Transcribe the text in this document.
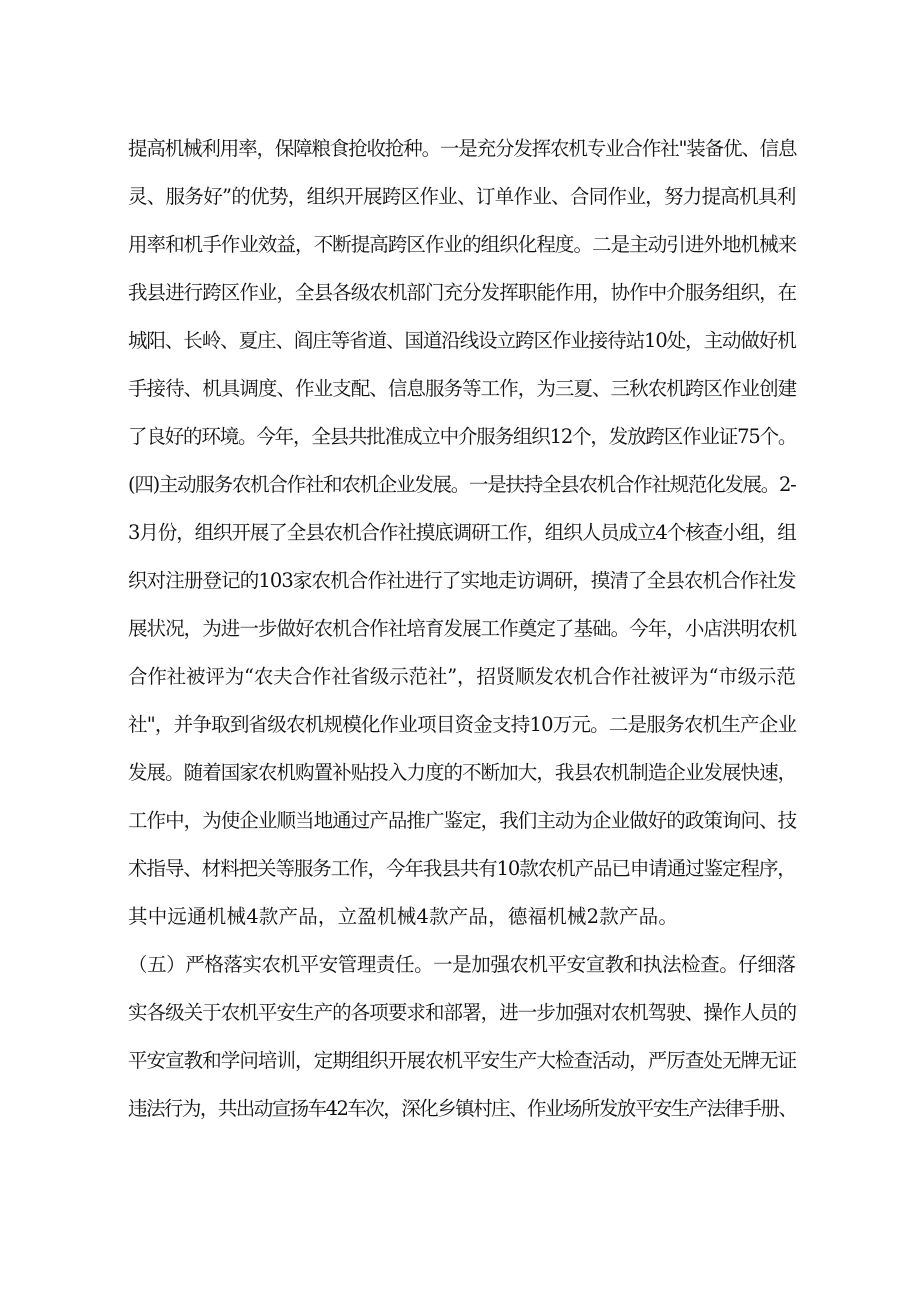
提高机械利用率，保障粮食抢收抢种。一是充分发挥农机专业合作社"装备优、信息
灵、服务好”的优势，组织开展跨区作业、订单作业、合同作业，努力提高机具利
用率和机手作业效益，不断提高跨区作业的组织化程度。二是主动引进外地机械来
我县进行跨区作业，全县各级农机部门充分发挥职能作用，协作中介服务组织，在
城阳、长岭、夏庄、阎庄等省道、国道沿线设立跨区作业接待站10处，主动做好机
手接待、机具调度、作业支配、信息服务等工作，为三夏、三秋农机跨区作业创建
了良好的环境。今年，全县共批准成立中介服务组织12个，发放跨区作业证75个。
(四)主动服务农机合作社和农机企业发展。一是扶持全县农机合作社规范化发展。2-
3月份，组织开展了全县农机合作社摸底调研工作，组织人员成立4个核查小组，组
织对注册登记的103家农机合作社进行了实地走访调研，摸清了全县农机合作社发
展状况，为进一步做好农机合作社培育发展工作奠定了基础。今年，小店洪明农机
合作社被评为“农夫合作社省级示范社”，招贤顺发农机合作社被评为“市级示范
社"，并争取到省级农机规模化作业项目资金支持10万元。二是服务农机生产企业
发展。随着国家农机购置补贴投入力度的不断加大，我县农机制造企业发展快速，
工作中，为使企业顺当地通过产品推广鉴定，我们主动为企业做好的政策询问、技
术指导、材料把关等服务工作，今年我县共有10款农机产品已申请通过鉴定程序，
其中远通机械4款产品，立盈机械4款产品，德福机械2款产品。
（五）严格落实农机平安管理责任。一是加强农机平安宣教和执法检查。仔细落
实各级关于农机平安生产的各项要求和部署，进一步加强对农机驾驶、操作人员的
平安宣教和学问培训，定期组织开展农机平安生产大检查活动，严厉查处无牌无证
违法行为，共出动宣扬车42车次，深化乡镇村庄、作业场所发放平安生产法律手册、
